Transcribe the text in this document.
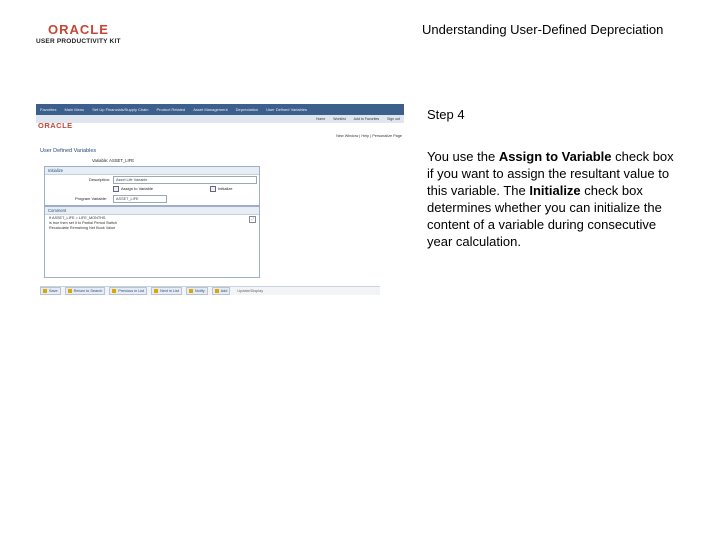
ORACLE
USER PRODUCTIVITY KIT
Understanding User-Defined Depreciation
Favorites	Main Menu	Set Up Financials/Supply Chain	Product Related	Asset Management	Depreciation	User Defined Variables
Home	Worklist	Add to Favorites	Sign out
ORACLE
New Window | Help | Personalize Page
User Defined Variables
Variable: ASSET_LIFE
Initialize
Description:	Asset Life Variable
Assign to Variable	Initialize
Program Variable:	ASSET_LIFE
Comment
If ASSET_LIFE = LIFE_MONTHS
is true then set it to Partial Period Switch
Recalculate Remaining Net Book Value
⤢
Save	Return to Search	Previous in List	Next in List	Notify	Add	Update/Display
Step 4
You use the Assign to Variable check box if you want to assign the resultant value to this variable. The Initialize check box determines whether you can initialize the content of a variable during consecutive year calculation.
